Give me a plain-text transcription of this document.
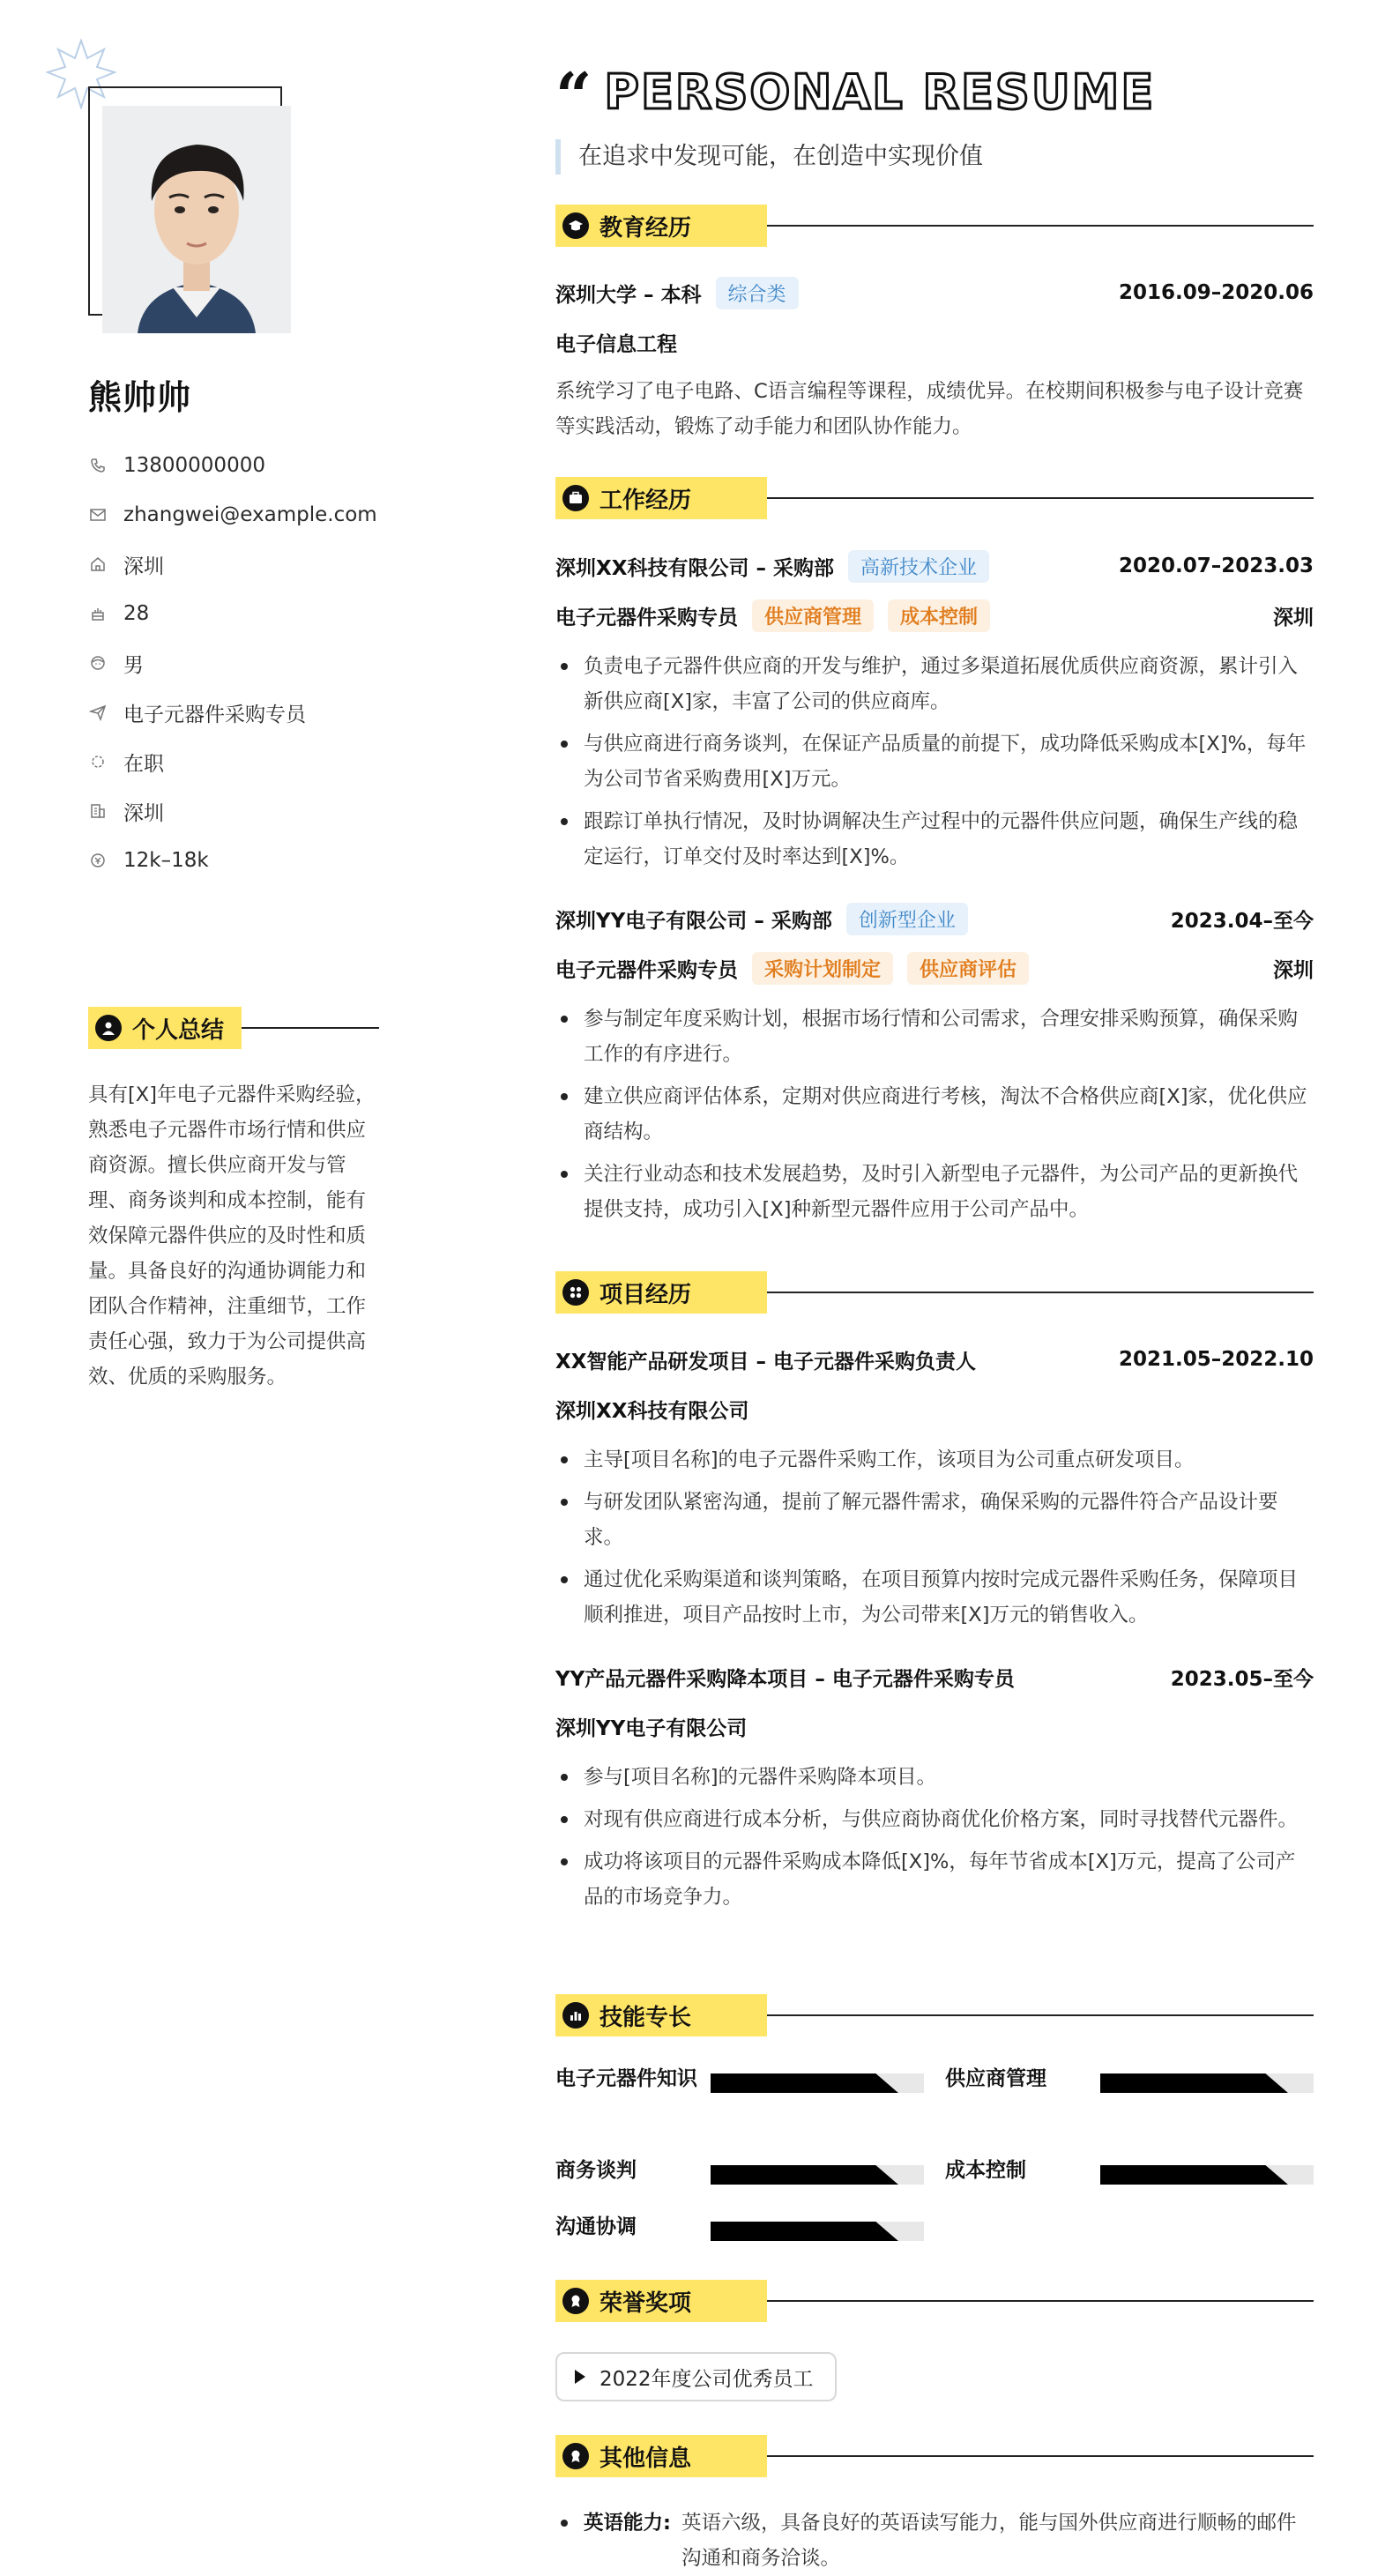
熊帅帅
13800000000
zhangwei@example.com
深圳
28
男
电子元器件采购专员
在职
深圳
12k–18k
个人总结

具有[X]年电子元器件采购经验，熟悉电子元器件市场行情和供应商资源。擅长供应商开发与管理、商务谈判和成本控制，能有效保障元器件供应的及时性和质量。具备良好的沟通协调能力和团队合作精神，注重细节，工作责任心强，致力于为公司提供高效、优质的采购服务。

“ PERSONAL RESUME
在追求中发现可能，在创造中实现价值
教育经历
深圳大学 – 本科	综合类	2016.09–2020.06
电子信息工程

系统学习了电子电路、C语言编程等课程，成绩优异。在校期间积极参与电子设计竞赛等实践活动，锻炼了动手能力和团队协作能力。

工作经历
深圳XX科技有限公司 – 采购部	高新技术企业	2020.07–2023.03
电子元器件采购专员	供应商管理	成本控制	深圳
负责电子元器件供应商的开发与维护，通过多渠道拓展优质供应商资源，累计引入新供应商[X]家，丰富了公司的供应商库。
与供应商进行商务谈判，在保证产品质量的前提下，成功降低采购成本[X]%，每年为公司节省采购费用[X]万元。
跟踪订单执行情况，及时协调解决生产过程中的元器件供应问题，确保生产线的稳定运行，订单交付及时率达到[X]%。
深圳YY电子有限公司 – 采购部	创新型企业	2023.04–至今
电子元器件采购专员	采购计划制定	供应商评估	深圳
参与制定年度采购计划，根据市场行情和公司需求，合理安排采购预算，确保采购工作的有序进行。
建立供应商评估体系，定期对供应商进行考核，淘汰不合格供应商[X]家，优化供应商结构。
关注行业动态和技术发展趋势，及时引入新型电子元器件，为公司产品的更新换代提供支持，成功引入[X]种新型元器件应用于公司产品中。
项目经历
XX智能产品研发项目 – 电子元器件采购负责人	2021.05–2022.10
深圳XX科技有限公司
主导[项目名称]的电子元器件采购工作，该项目为公司重点研发项目。
与研发团队紧密沟通，提前了解元器件需求，确保采购的元器件符合产品设计要求。
通过优化采购渠道和谈判策略，在项目预算内按时完成元器件采购任务，保障项目顺利推进，项目产品按时上市，为公司带来[X]万元的销售收入。
YY产品元器件采购降本项目 – 电子元器件采购专员	2023.05–至今
深圳YY电子有限公司
参与[项目名称]的元器件采购降本项目。
对现有供应商进行成本分析，与供应商协商优化价格方案，同时寻找替代元器件。
成功将该项目的元器件采购成本降低[X]%，每年节省成本[X]万元，提高了公司产品的市场竞争力。
技能专长
电子元器件知识	供应商管理
商务谈判	成本控制
沟通协调
荣誉奖项
2022年度公司优秀员工
其他信息
英语能力: 英语六级，具备良好的英语读写能力，能与国外供应商进行顺畅的邮件沟通和商务洽谈。
